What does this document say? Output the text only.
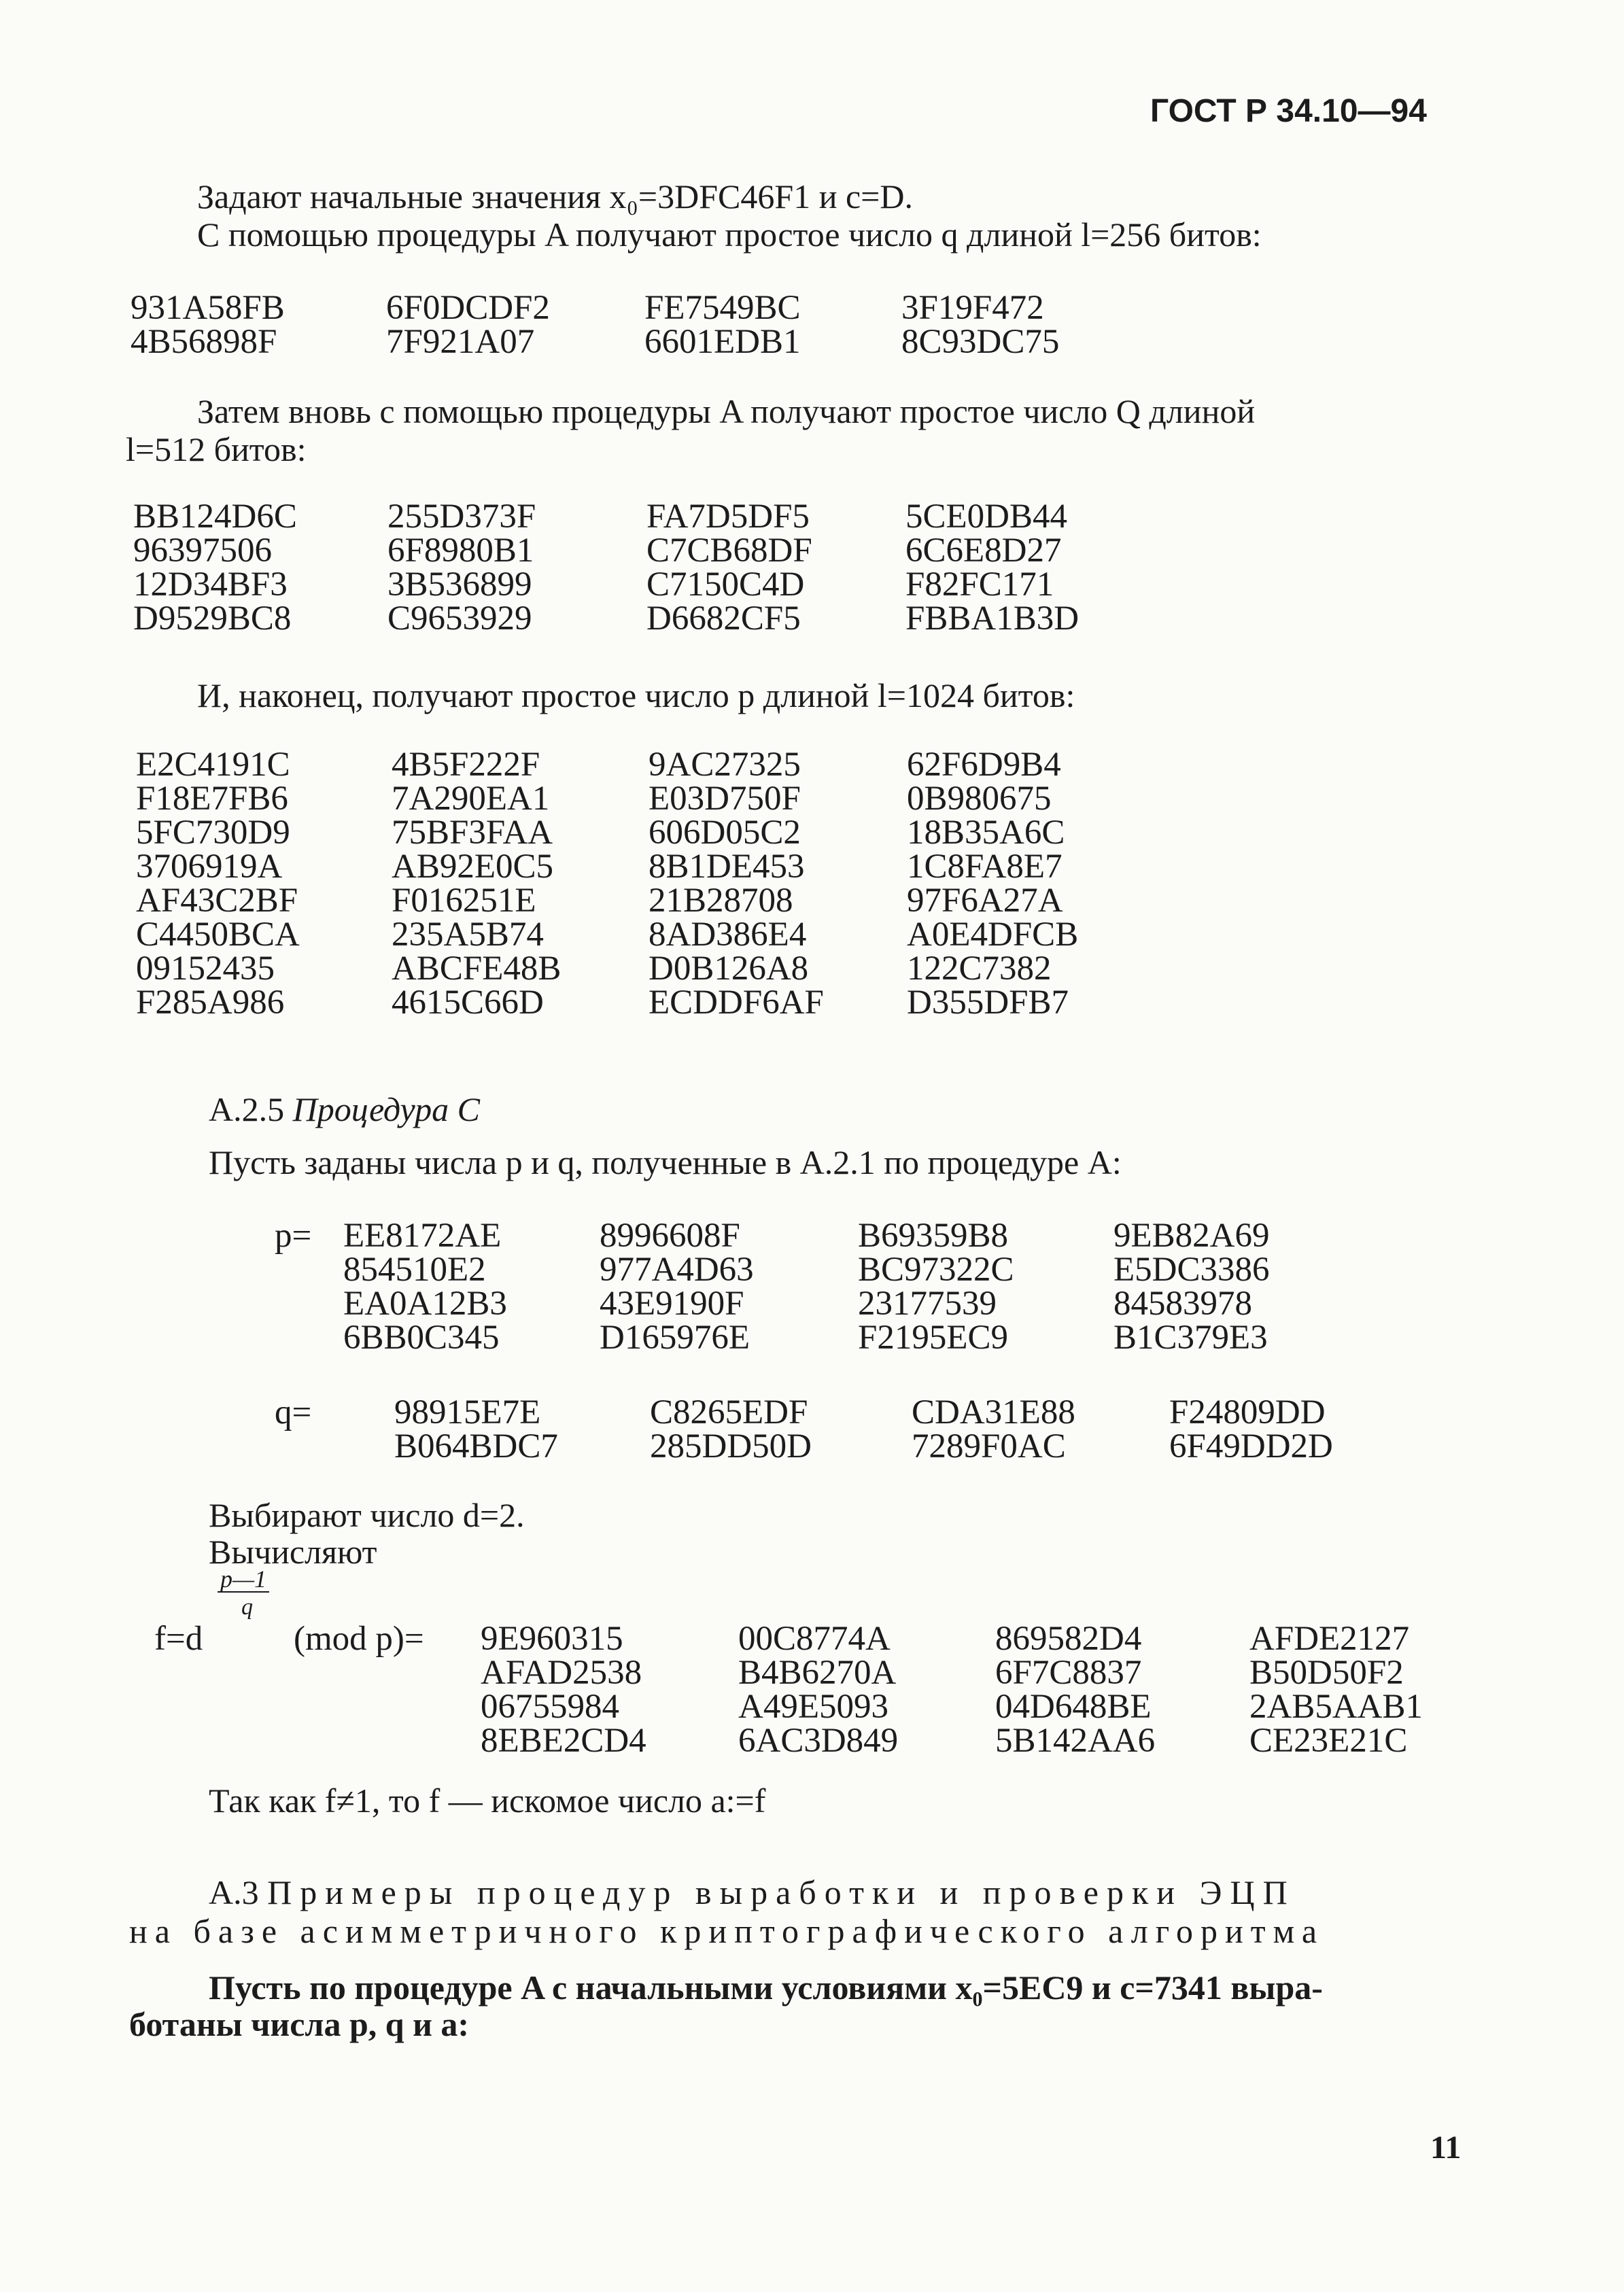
ГОСТ Р 34.10—94

Задают начальные значения x₀=3DFC46F1 и c=D.

С помощью процедуры A получают простое число q длиной l=256 битов:

931A58FB
4B56898F
6F0DCDF2
7F921A07
FE7549BC
6601EDB1
3F19F472
8C93DC75

Затем вновь с помощью процедуры A получают простое число Q длиной

l=512 битов:

BB124D6C
96397506
12D34BF3
D9529BC8
255D373F
6F8980B1
3B536899
C9653929
FA7D5DF5
C7CB68DF
C7150C4D
D6682CF5
5CE0DB44
6C6E8D27
F82FC171
FBBA1B3D

И, наконец, получают простое число p длиной l=1024 битов:

E2C4191C
F18E7FB6
5FC730D9
3706919A
AF43C2BF
C4450BCA
09152435
F285A986
4B5F222F
7A290EA1
75BF3FAA
AB92E0C5
F016251E
235A5B74
ABCFE48B
4615C66D
9AC27325
E03D750F
606D05C2
8B1DE453
21B28708
8AD386E4
D0B126A8
ECDDF6AF
62F6D9B4
0B980675
18B35A6C
1C8FA8E7
97F6A27A
A0E4DFCB
122C7382
D355DFB7
A.2.5 Процедура C

Пусть заданы числа p и q, полученные в A.2.1 по процедуре A:

p= EE8172AE
854510E2
EA0A12B3
6BB0C345
8996608F
977A4D63
43E9190F
D165976E
B69359B8
BC97322C
23177539
F2195EC9
9EB82A69
E5DC3386
84583978
B1C379E3
q= 98915E7E
B064BDC7
C8265EDF
285DD50D
CDA31E88
7289F0AC
F24809DD
6F49DD2D

Выбирают число d=2.

Вычисляют

p—1
q
f=d	(mod p)= 9E960315
AFAD2538
06755984
8EBE2CD4
00C8774A
B4B6270A
A49E5093
6AC3D849
869582D4
6F7C8837
04D648BE
5B142AA6
AFDE2127
B50D50F2
2AB5AAB1
CE23E21C

Так как f≠1, то f — искомое число a:=f

A.3 Примеры процедур выработки и проверки ЭЦП

на базе асимметричного криптографического алгоритма

Пусть по процедуре A с начальными условиями x₀=5EC9 и c=7341 выра-

ботаны числа p, q и a:

11
